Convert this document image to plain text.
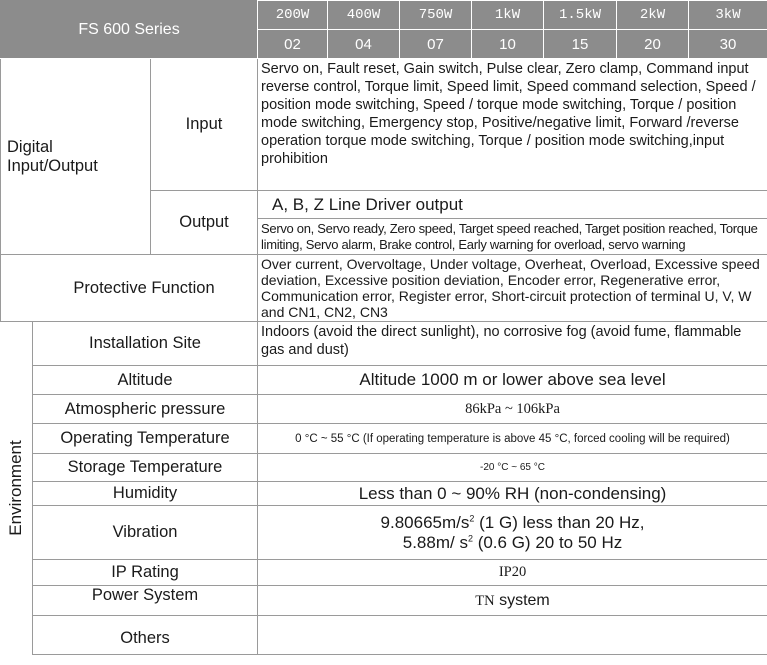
FS 600 Series			200W	400W	750W	1kW	1.5kW	2kW	3kW
			02	04	07	10	15	20	30

Digital
Input/Output		Input	Servo on, Fault reset, Gain switch, Pulse clear, Zero clamp, Command input reverse control, Torque limit, Speed limit, Speed command selection, Speed / position mode switching, Speed / torque mode switching, Torque / position mode switching, Emergency stop, Positive/negative limit, Forward /reverse operation torque mode switching, Torque / position mode switching,input prohibition						
		Output	A, B, Z Line Driver output						
			Servo on, Servo ready, Zero speed, Target speed reached, Target position reached, Torque limiting, Servo alarm, Brake control, Early warning for overload, servo warning						
Protective Function			Over current, Overvoltage, Under voltage, Overheat, Overload, Excessive speed deviation, Excessive position deviation, Encoder error, Regenerative error, Communication error, Register error, Short-circuit protection of terminal U, V, W and CN1, CN2, CN3						

Environment	Installation Site		Indoors (avoid the direct sunlight), no corrosive fog (avoid fume, flammable gas and dust)						
	Altitude		Altitude 1000 m or lower above sea level						
	Atmospheric pressure		86kPa ~ 106kPa						
	Operating Temperature		0 °C ~ 55 °C (If operating temperature is above 45 °C, forced cooling will be required)						
	Storage Temperature		-20 °C ~ 65 °C						
	Humidity		Less than 0 ~ 90% RH (non-condensing)						
	Vibration		$9.80665m/s^2$ (1 G) less than 20 Hz,
5.88m/ $s^2$ (0.6 G) 20 to 50 Hz						

	IP Rating		IP20						
	Power System		TN system						
	Others								
